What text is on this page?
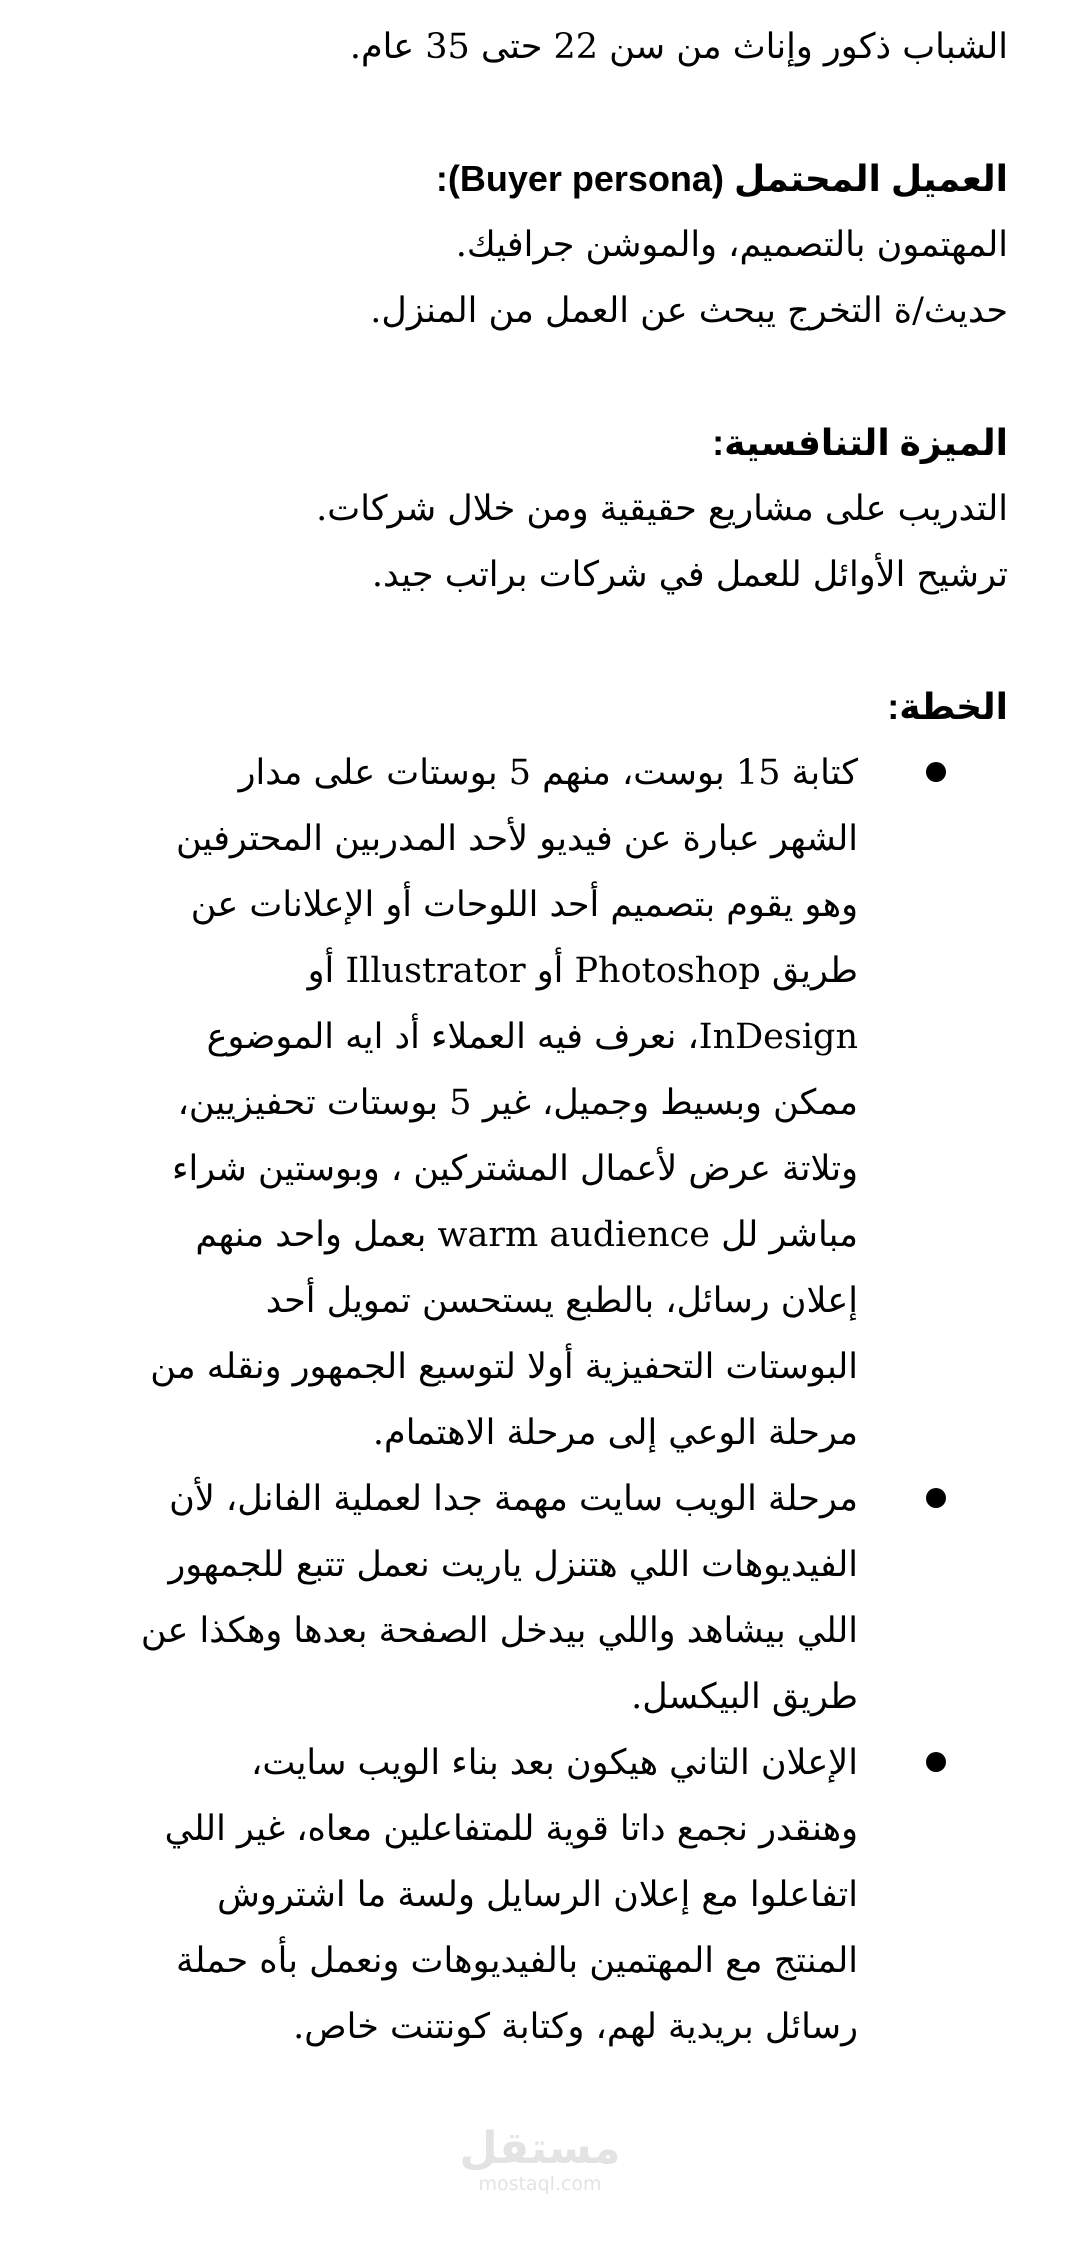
الشباب ذكور وإناث من سن 22 حتى 35 عام.

العميل المحتمل (Buyer persona):

المهتمون بالتصميم، والموشن جرافيك.

حديث/ة التخرج يبحث عن العمل من المنزل.

الميزة التنافسية:

التدريب على مشاريع حقيقية ومن خلال شركات.

ترشيح الأوائل للعمل في شركات براتب جيد.

الخطة:

كتابة 15 بوست، منهم 5 بوستات على مدار
الشهر عبارة عن فيديو لأحد المدربين المحترفين
وهو يقوم بتصميم أحد اللوحات أو الإعلانات عن
طريق Photoshop أو Illustrator أو
InDesign، نعرف فيه العملاء أد ايه الموضوع
ممكن وبسيط وجميل، غير 5 بوستات تحفيزيين،
وتلاتة عرض لأعمال المشتركين ، وبوستين شراء
مباشر لل warm audience بعمل واحد منهم
إعلان رسائل، بالطبع يستحسن تمويل أحد
البوستات التحفيزية أولا لتوسيع الجمهور ونقله من
مرحلة الوعي إلى مرحلة الاهتمام.

مرحلة الويب سايت مهمة جدا لعملية الفانل، لأن
الفيديوهات اللي هتنزل ياريت نعمل تتبع للجمهور
اللي بيشاهد واللي بيدخل الصفحة بعدها وهكذا عن
طريق البيكسل.

الإعلان التاني هيكون بعد بناء الويب سايت،
وهنقدر نجمع داتا قوية للمتفاعلين معاه، غير اللي
اتفاعلوا مع إعلان الرسايل ولسة ما اشتروش
المنتج مع المهتمين بالفيديوهات ونعمل بأه حملة
رسائل بريدية لهم، وكتابة كونتنت خاص.

مستقل
mostaql.com
